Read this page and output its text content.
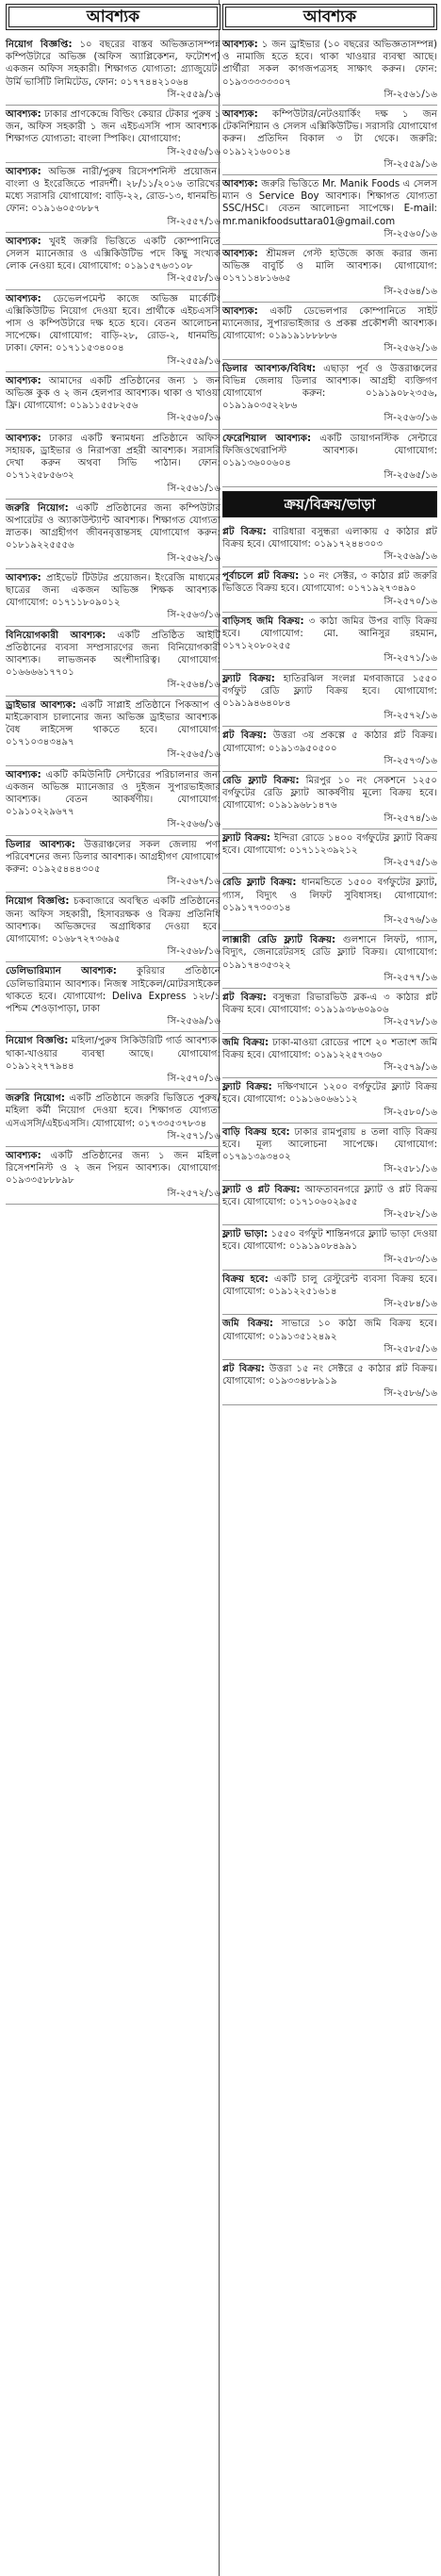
আবশ্যক

নিয়োগ বিজ্ঞপ্তি: ১০ বছরের বাস্তব অভিজ্ঞতাসম্পন্ন কম্পিউটারে অভিজ্ঞ (অফিস অ্যাপ্লিকেশন, ফটোশপ) একজন অফিস সহকারী। শিক্ষাগত যোগ্যতা: গ্র্যাজুয়েট। উর্মি ভার্সিটি লিমিটেড, ফোন: ০১৭৭৪৪২১০৬৪
সি-২৫৫৯/১৬

আবশ্যক: ঢাকার প্রাণকেন্দ্রে বিল্ডিং কেয়ার টেকার পুরুষ ১ জন, অফিস সহকারী ১ জন এইচএসসি পাস আবশ্যক। শিক্ষাগত যোগ্যতা: বাংলা স্পিকিং। যোগাযোগ:
সি-২৫৫৬/১৬

আবশ্যক: অভিজ্ঞ নারী/পুরুষ রিসেপশনিস্ট প্রয়োজন। বাংলা ও ইংরেজিতে পারদর্শী। ২৮/১১/২০১৬ তারিখের মধ্যে সরাসরি যোগাযোগ: বাড়ি-২২, রোড-১৩, ধানমন্ডি। ফোন: ০১৯১৬০৫৩৮৮৭
সি-২৫৫৭/১৬

আবশ্যক: খুবই জরুরি ভিত্তিতে একটি কোম্পানিতে সেলস ম্যানেজার ও এক্সিকিউটিভ পদে কিছু সংখ্যক লোক নেওয়া হবে। যোগাযোগ: ০১৯১৫৭৬৩১০৮
সি-২৫৫৮/১৬

আবশ্যক: ডেভেলপমেন্ট কাজে অভিজ্ঞ মার্কেটিং এক্সিকিউটিভ নিয়োগ দেওয়া হবে। প্রার্থীকে এইচএসসি পাস ও কম্পিউটারে দক্ষ হতে হবে। বেতন আলোচনা সাপেক্ষে। যোগাযোগ: বাড়ি-২৮, রোড-২, ধানমন্ডি, ঢাকা। ফোন: ০১৭১১৫৩৪০০৪
সি-২৫৫৯/১৬

আবশ্যক: আমাদের একটি প্রতিষ্ঠানের জন্য ১ জন অভিজ্ঞ কুক ও ২ জন হেলপার আবশ্যক। থাকা ও খাওয়া ফ্রি। যোগাযোগ: ০১৯১১৫৫৮২৫৬
সি-২৫৬০/১৬

আবশ্যক: ঢাকার একটি স্বনামধন্য প্রতিষ্ঠানে অফিস সহায়ক, ড্রাইভার ও নিরাপত্তা প্রহরী আবশ্যক। সরাসরি দেখা করুন অথবা সিভি পাঠান। ফোন: ০১৭১২৫৮৫৬৩২
সি-২৫৬১/১৬

জরুরি নিয়োগ: একটি প্রতিষ্ঠানের জন্য কম্পিউটার অপারেটর ও অ্যাকাউন্ট্যান্ট আবশ্যক। শিক্ষাগত যোগ্যতা স্নাতক। আগ্রহীগণ জীবনবৃত্তান্তসহ যোগাযোগ করুন: ০১৮১৯২২৫৫৫৬
সি-২৫৬২/১৬

আবশ্যক: প্রাইভেট টিউটর প্রয়োজন। ইংরেজি মাধ্যমের ছাত্রের জন্য একজন অভিজ্ঞ শিক্ষক আবশ্যক। যোগাযোগ: ০১৭১১৮০৯০১২
সি-২৫৬৩/১৬

বিনিয়োগকারী আবশ্যক: একটি প্রতিষ্ঠিত আইটি প্রতিষ্ঠানের ব্যবসা সম্প্রসারণের জন্য বিনিয়োগকারী আবশ্যক। লাভজনক অংশীদারিত্ব। যোগাযোগ: ০১৬৬৬৬১৭৭০১
সি-২৫৬৪/১৬

ড্রাইভার আবশ্যক: একটি সাপ্লাই প্রতিষ্ঠানে পিকআপ ও মাইক্রোবাস চালানোর জন্য অভিজ্ঞ ড্রাইভার আবশ্যক। বৈধ লাইসেন্স থাকতে হবে। যোগাযোগ: ০১৭১০৩৪৩৪৯৭
সি-২৫৬৫/১৬

আবশ্যক: একটি কমিউনিটি সেন্টারের পরিচালনার জন্য একজন অভিজ্ঞ ম্যানেজার ও দুইজন সুপারভাইজার আবশ্যক। বেতন আকর্ষণীয়। যোগাযোগ: ০১৯১০২২৯৬৭৭
সি-২৫৬৬/১৬

ডিলার আবশ্যক: উত্তরাঞ্চলের সকল জেলায় পণ্য পরিবেশনের জন্য ডিলার আবশ্যক। আগ্রহীগণ যোগাযোগ করুন: ০১৯২৫৪৪৪৩০৫
সি-২৫৬৭/১৬

নিয়োগ বিজ্ঞপ্তি: চকবাজারে অবস্থিত একটি প্রতিষ্ঠানের জন্য অফিস সহকারী, হিসাবরক্ষক ও বিক্রয় প্রতিনিধি আবশ্যক। অভিজ্ঞদের অগ্রাধিকার দেওয়া হবে। যোগাযোগ: ০১৬৮৭২৭৩৬৯৫
সি-২৫৬৮/১৬

ডেলিভারিম্যান আবশ্যক: কুরিয়ার প্রতিষ্ঠানে ডেলিভারিম্যান আবশ্যক। নিজস্ব সাইকেল/মোটরসাইকেল থাকতে হবে। যোগাযোগ: Deliva Express ১২৮/১ পশ্চিম শেওড়াপাড়া, ঢাকা
সি-২৫৬৯/১৬

নিয়োগ বিজ্ঞপ্তি: মহিলা/পুরুষ সিকিউরিটি গার্ড আবশ্যক। থাকা-খাওয়ার ব্যবস্থা আছে। যোগাযোগ: ০১৯১২২৭৭৯৪৪
সি-২৫৭০/১৬

জরুরি নিয়োগ: একটি প্রতিষ্ঠানে জরুরি ভিত্তিতে পুরুষ/মহিলা কর্মী নিয়োগ দেওয়া হবে। শিক্ষাগত যোগ্যতা এসএসসি/এইচএসসি। যোগাযোগ: ০১৭৩৩৫৩৭৮৩৪
সি-২৫৭১/১৬

আবশ্যক: একটি প্রতিষ্ঠানের জন্য ১ জন মহিলা রিসেপশনিস্ট ও ২ জন পিয়ন আবশ্যক। যোগাযোগ: ০১৯৩৩৫৮৮৮৯৮
সি-২৫৭২/১৬

আবশ্যক

আবশ্যক: ১ জন ড্রাইভার (১০ বছরের অভিজ্ঞতাসম্পন্ন) ও নামাজি হতে হবে। থাকা খাওয়ার ব্যবস্থা আছে। প্রার্থীরা সকল কাগজপত্রসহ সাক্ষাৎ করুন। ফোন: ০১৯৩৩৩৩৩৩০৭
সি-২৫৬১/১৬

আবশ্যক: কম্পিউটার/নেটওয়ার্কিং দক্ষ ১ জন টেকনিশিয়ান ও সেলস এক্সিকিউটিভ। সরাসরি যোগাযোগ করুন। প্রতিদিন বিকাল ৩ টা থেকে। জরুরি: ০১৯১২১৬০০১৪
সি-২৫৫৯/১৬

আবশ্যক: জরুরি ভিত্তিতে Mr. Manik Foods এ সেলস ম্যান ও Service Boy আবশ্যক। শিক্ষাগত যোগ্যতা SSC/HSC। বেতন আলোচনা সাপেক্ষে। E-mail: mr.manikfoodsuttara01@gmail.com
সি-২৫৬০/১৬

আবশ্যক: শ্রীমঙ্গল গেস্ট হাউজে কাজ করার জন্য অভিজ্ঞ বাবুর্চি ও মালি আবশ্যক। যোগাযোগ: ০১৭১১৪৮১৬৬৫
সি-২৫৬৪/১৬

আবশ্যক: একটি ডেভেলপার কোম্পানিতে সাইট ম্যানেজার, সুপারভাইজার ও প্রকল্প প্রকৌশলী আবশ্যক। যোগাযোগ: ০১৯১৯১৮৮৮৮৬
সি-২৫৬২/১৬

ডিলার আবশ্যক/বিবিধ: এছাড়া পূর্ব ও উত্তরাঞ্চলের বিভিন্ন জেলায় ডিলার আবশ্যক। আগ্রহী ব্যক্তিগণ যোগাযোগ করুন: ০১৯১৯০৮২৩৫৬, ০১৯১৯০৩৫২২৮৬
সি-২৫৬৩/১৬

ফেরেশিয়াল আবশ্যক: একটি ডায়াগনস্টিক সেন্টারে ফিজিওথেরাপিস্ট আবশ্যক। যোগাযোগ: ০১৯১৩৬০০৬০৪
সি-২৫৬৫/১৬

ক্রয়/বিক্রয়/ভাড়া

প্লট বিক্রয়: বারিধারা বসুন্ধরা এলাকায় ৫ কাঠার প্লট বিক্রয় হবে। যোগাযোগ: ০১৯১৭২৪৪৩০৩
সি-২৫৬৯/১৬

পূর্বাচলে প্লট বিক্রয়: ১০ নং সেক্টর, ৩ কাঠার প্লট জরুরি ভিত্তিতে বিক্রয় হবে। যোগাযোগ: ০১৭১৯২৭৩৪৯০
সি-২৫৭০/১৬

বাড়িসহ জমি বিক্রয়: ৩ কাঠা জমির উপর বাড়ি বিক্রয় হবে। যোগাযোগ: মো. আনিসুর রহমান, ০১৭১২০৮০২৫৫
সি-২৫৭১/১৬

ফ্ল্যাট বিক্রয়: হাতিরঝিল সংলগ্ন মগবাজারে ১৫৫০ বর্গফুট রেডি ফ্ল্যাট বিক্রয় হবে। যোগাযোগ: ০১৯১৯৪৬৪০৮৪
সি-২৫৭২/১৬

প্লট বিক্রয়: উত্তরা ৩য় প্রকল্পে ৫ কাঠার প্লট বিক্রয়। যোগাযোগ: ০১৯১৩৯৫০৫০০
সি-২৫৭৩/১৬

রেডি ফ্ল্যাট বিক্রয়: মিরপুর ১০ নং সেকশনে ১২৫০ বর্গফুটের রেডি ফ্ল্যাট আকর্ষণীয় মূল্যে বিক্রয় হবে। যোগাযোগ: ০১৯১৯৬৮১৪৭৬
সি-২৫৭৪/১৬

ফ্ল্যাট বিক্রয়: ইন্দিরা রোডে ১৪০০ বর্গফুটের ফ্ল্যাট বিক্রয় হবে। যোগাযোগ: ০১৭১১২৩৯২১২
সি-২৫৭৫/১৬

রেডি ফ্ল্যাট বিক্রয়: ধানমন্ডিতে ১৫০০ বর্গফুটের ফ্ল্যাট, গ্যাস, বিদ্যুৎ ও লিফট সুবিধাসহ। যোগাযোগ: ০১৯১৭৭৩০৩১৪
সি-২৫৭৬/১৬

লাক্সারী রেডি ফ্ল্যাট বিক্রয়: গুলশানে লিফট, গ্যাস, বিদ্যুৎ, জেনারেটরসহ রেডি ফ্ল্যাট বিক্রয়। যোগাযোগ: ০১৯১৭৪৩৫৩২২
সি-২৫৭৭/১৬

প্লট বিক্রয়: বসুন্ধরা রিভারভিউ ব্লক-এ ৩ কাঠার প্লট বিক্রয় হবে। যোগাযোগ: ০১৯১৯৩৮৬০৯০৬
সি-২৫৭৮/১৬

জমি বিক্রয়: ঢাকা-মাওয়া রোডের পাশে ২০ শতাংশ জমি বিক্রয় হবে। যোগাযোগ: ০১৯১২২৫৭৩৬০
সি-২৫৭৯/১৬

ফ্ল্যাট বিক্রয়: দক্ষিণখানে ১২০০ বর্গফুটের ফ্ল্যাট বিক্রয় হবে। যোগাযোগ: ০১৯১৬০৬৬১১২
সি-২৫৮০/১৬

বাড়ি বিক্রয় হবে: ঢাকার রামপুরায় ৪ তলা বাড়ি বিক্রয় হবে। মূল্য আলোচনা সাপেক্ষে। যোগাযোগ: ০১৭৯১৩৯৩৪০২
সি-২৫৮১/১৬

ফ্ল্যাট ও প্লট বিক্রয়: আফতাবনগরে ফ্ল্যাট ও প্লট বিক্রয় হবে। যোগাযোগ: ০১৭১০৬০২৯৫৫
সি-২৫৮২/১৬

ফ্ল্যাট ভাড়া: ১৫৫০ বর্গফুট শান্তিনগরে ফ্ল্যাট ভাড়া দেওয়া হবে। যোগাযোগ: ০১৯১৯০৮৪৯৯১
সি-২৫৮৩/১৬

বিক্রয় হবে: একটি চালু রেস্টুরেন্ট ব্যবসা বিক্রয় হবে। যোগাযোগ: ০১৯১২২৫১৬১৪
সি-২৫৮৪/১৬

জমি বিক্রয়: সাভারে ১০ কাঠা জমি বিক্রয় হবে। যোগাযোগ: ০১৯১৩৫১২৪৯২
সি-২৫৮৫/১৬

প্লট বিক্রয়: উত্তরা ১৫ নং সেক্টরে ৫ কাঠার প্লট বিক্রয়। যোগাযোগ: ০১৯৩৩৪৮৮৯১৯
সি-২৫৮৬/১৬
